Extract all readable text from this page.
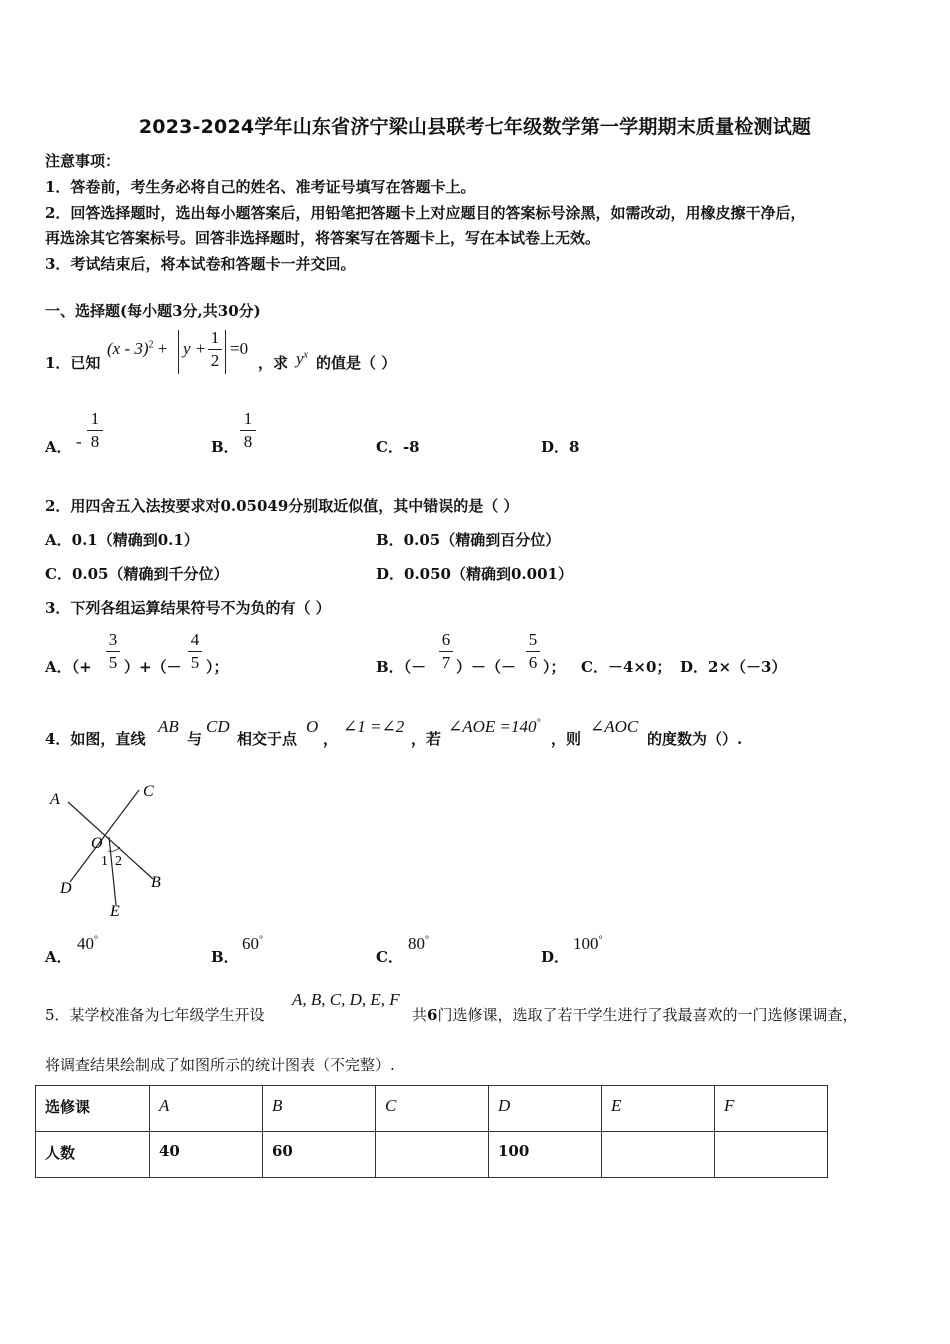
2023-2024学年山东省济宁梁山县联考七年级数学第一学期期末质量检测试题
注意事项：
1．答卷前，考生务必将自己的姓名、准考证号填写在答题卡上。
2．回答选择题时，选出每小题答案后，用铅笔把答题卡上对应题目的答案标号涂黑，如需改动，用橡皮擦干净后，
再选涂其它答案标号。回答非选择题时，将答案写在答题卡上，写在本试卷上无效。
3．考试结束后，将本试卷和答题卡一并交回。
一、选择题(每小题3分,共30分)
1．已知
(x - 3)$^2$ + y +
1
2
=0
，求 $y^x$ 的值是（ ）
A． -
1
8	B．
1
8	C．-8	D．8
2．用四舍五入法按要求对0.05049分别取近似值，其中错误的是（ ）
A．0.1（精确到0.1）	B．0.05（精确到百分位）
C．0.05（精确到千分位）	D．0.050（精确到0.001）
3．下列各组运算结果符号不为负的有（ ）
A．（+
3
5 ）+（－
4
5 ）；	B．（－
6
7 ）－（－
5
6 ）； C．－4×0； D．2×（－3）
4．如图，直线
AB
与
CD
相交于点
O
，
∠1 =∠2
，若
∠AOE =140°
，则
∠AOC
的度数为（）.
A	C
O
1 2
D	B
E
A．
40°
B．
60°
C．
80°
D．
100°
5．某学校准备为七年级学生开设
A, B, C, D, E, F
共6门选修课，选取了若干学生进行了我最喜欢的一门选修课调查，
将调查结果绘制成了如图所示的统计图表（不完整）.
选修课	A	B	C	D	E	F
人数	40	60		100		
